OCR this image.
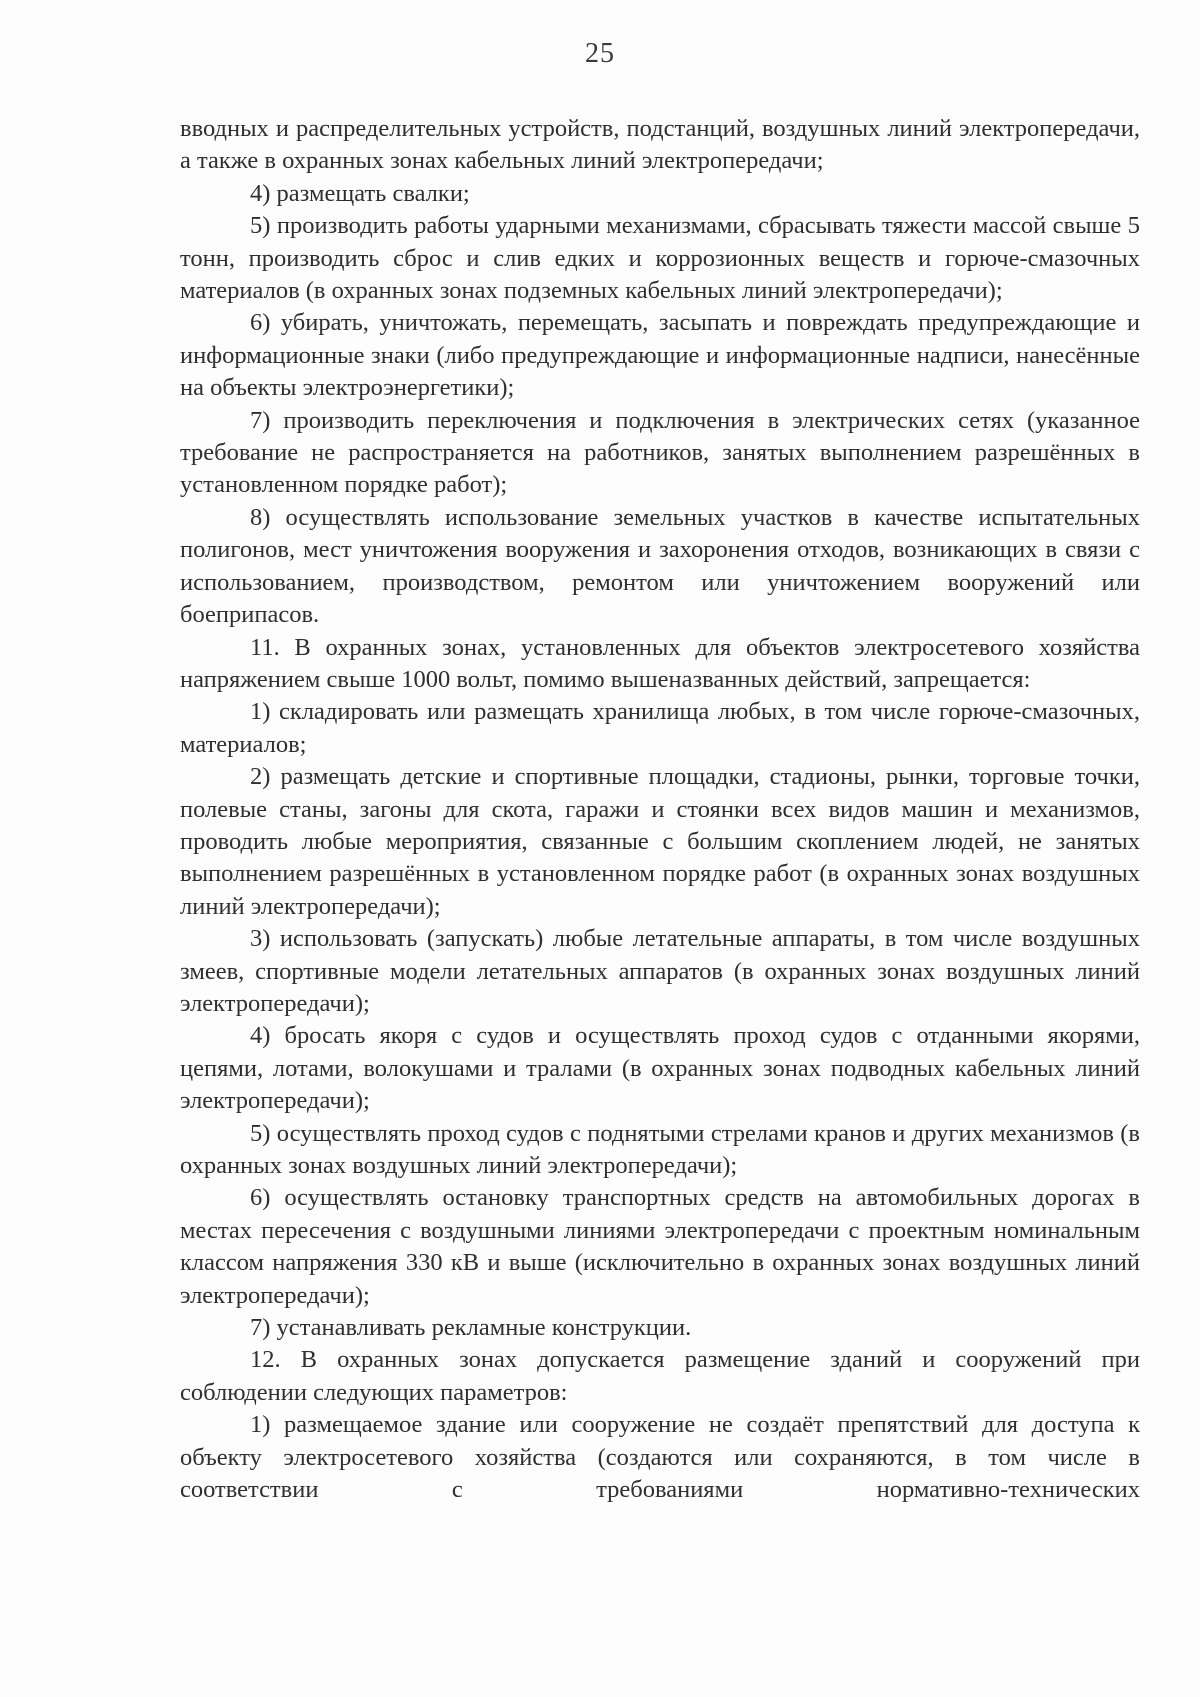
25

вводных и распределительных устройств, подстанций, воздушных линий электропередачи, а также в охранных зонах кабельных линий электропередачи;

4) размещать свалки;

5) производить работы ударными механизмами, сбрасывать тяжести массой свыше 5 тонн, производить сброс и слив едких и коррозионных веществ и горюче-смазочных материалов (в охранных зонах подземных кабельных линий электропередачи);

6) убирать, уничтожать, перемещать, засыпать и повреждать предупреждающие и информационные знаки (либо предупреждающие и информационные надписи, нанесённые на объекты электроэнергетики);

7) производить переключения и подключения в электрических сетях (указанное требование не распространяется на работников, занятых выполнением разрешённых в установленном порядке работ);

8) осуществлять использование земельных участков в качестве испытательных полигонов, мест уничтожения вооружения и захоронения отходов, возникающих в связи с использованием, производством, ремонтом или уничтожением вооружений или боеприпасов.

11. В охранных зонах, установленных для объектов электросетевого хозяйства напряжением свыше 1000 вольт, помимо вышеназванных действий, запрещается:

1) складировать или размещать хранилища любых, в том числе горюче-смазочных, материалов;

2) размещать детские и спортивные площадки, стадионы, рынки, торговые точки, полевые станы, загоны для скота, гаражи и стоянки всех видов машин и механизмов, проводить любые мероприятия, связанные с большим скоплением людей, не занятых выполнением разрешённых в установленном порядке работ (в охранных зонах воздушных линий электропередачи);

3) использовать (запускать) любые летательные аппараты, в том числе воздушных змеев, спортивные модели летательных аппаратов (в охранных зонах воздушных линий электропередачи);

4) бросать якоря с судов и осуществлять проход судов с отданными якорями, цепями, лотами, волокушами и тралами (в охранных зонах подводных кабельных линий электропередачи);

5) осуществлять проход судов с поднятыми стрелами кранов и других механизмов (в охранных зонах воздушных линий электропередачи);

6) осуществлять остановку транспортных средств на автомобильных дорогах в местах пересечения с воздушными линиями электропередачи с проектным номинальным классом напряжения 330 кВ и выше (исключительно в охранных зонах воздушных линий электропередачи);

7) устанавливать рекламные конструкции.

12. В охранных зонах допускается размещение зданий и сооружений при соблюдении следующих параметров:

1) размещаемое здание или сооружение не создаёт препятствий для доступа к объекту электросетевого хозяйства (создаются или сохраняются, в том числе в соответствии с требованиями нормативно-технических
